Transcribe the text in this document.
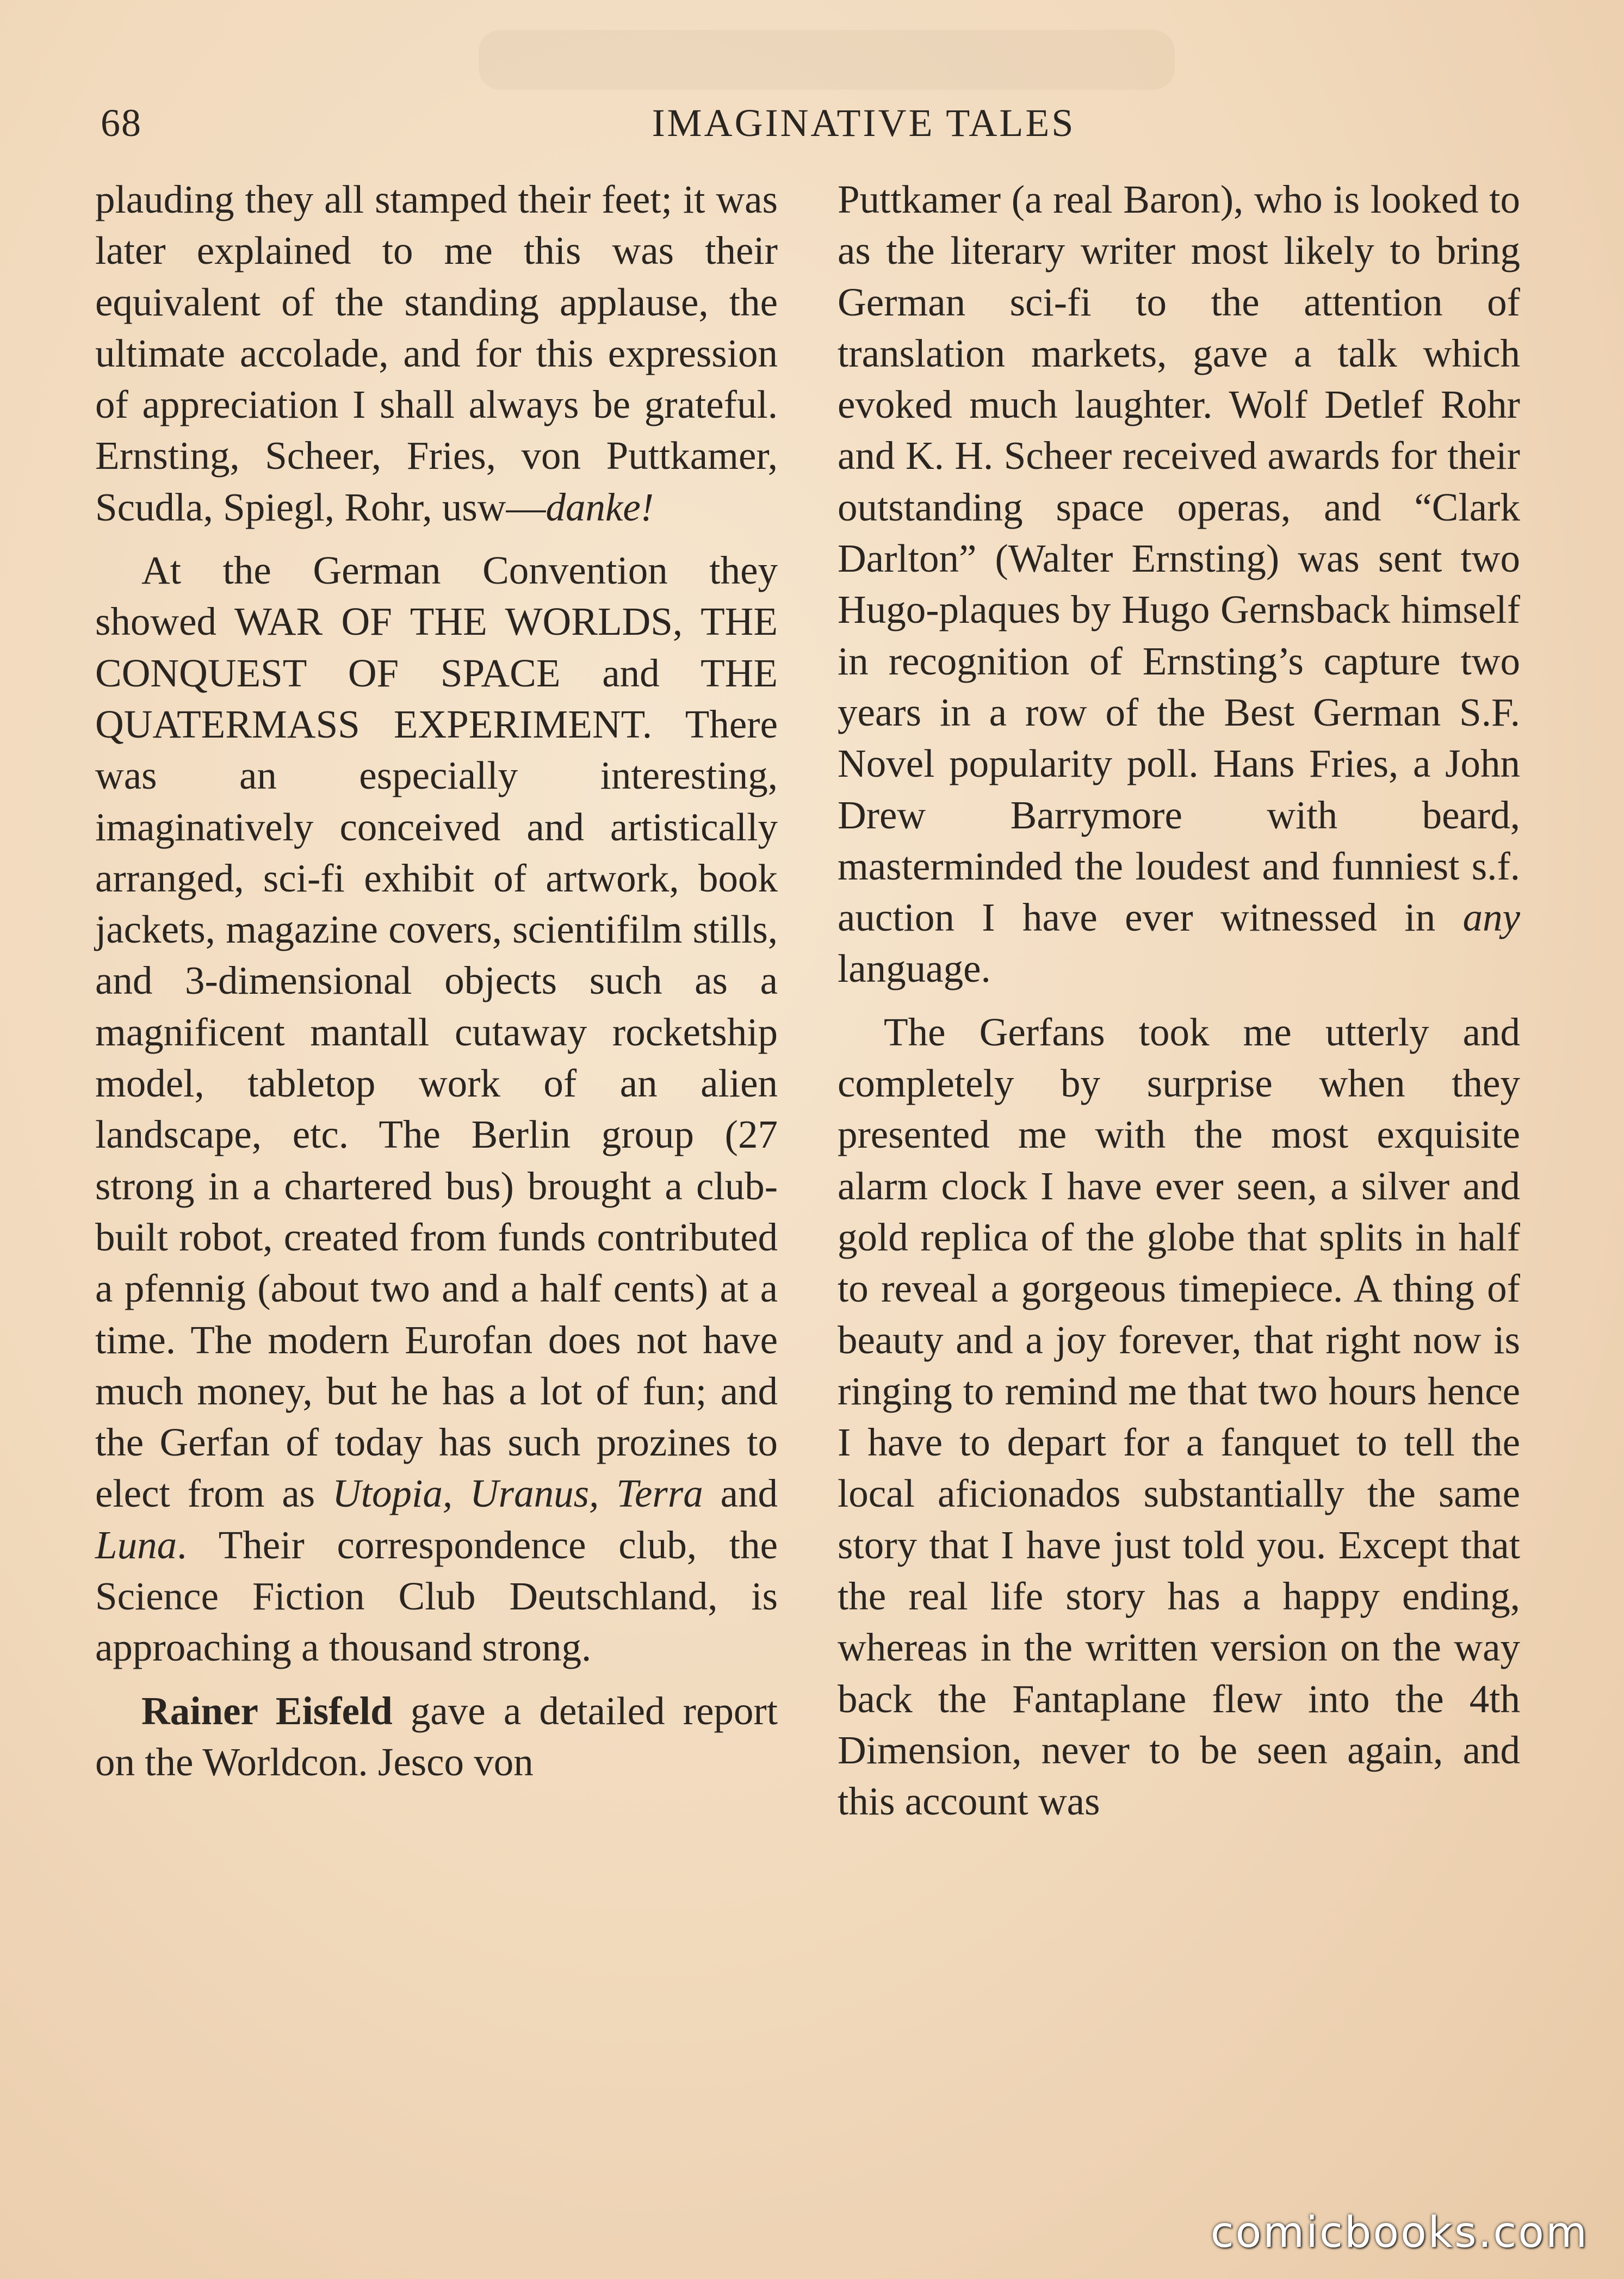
68	IMAGINATIVE TALES

plauding they all stamped their feet; it was later explained to me this was their equivalent of the standing applause, the ultimate accolade, and for this expression of appreciation I shall always be grateful. Ernsting, Scheer, Fries, von Puttkamer, Scudla, Spiegl, Rohr, usw—danke!

At the German Convention they showed WAR OF THE WORLDS, THE CONQUEST OF SPACE and THE QUATERMASS EXPERIMENT. There was an especially interesting, imaginatively conceived and artistically arranged, sci-fi exhibit of artwork, book jackets, magazine covers, scientifilm stills, and 3-dimensional objects such as a magnificent mantall cutaway rocketship model, tabletop work of an alien landscape, etc. The Berlin group (27 strong in a chartered bus) brought a club-built robot, created from funds contributed a pfennig (about two and a half cents) at a time. The modern Eurofan does not have much money, but he has a lot of fun; and the Gerfan of today has such prozines to elect from as Utopia, Uranus, Terra and Luna. Their correspondence club, the Science Fiction Club Deutschland, is approaching a thousand strong.

Rainer Eisfeld gave a detailed report on the Worldcon. Jesco von

Puttkamer (a real Baron), who is looked to as the literary writer most likely to bring German sci-fi to the attention of translation markets, gave a talk which evoked much laughter. Wolf Detlef Rohr and K. H. Scheer received awards for their outstanding space operas, and “Clark Darlton” (Walter Ernsting) was sent two Hugo-plaques by Hugo Gernsback himself in recognition of Ernsting’s capture two years in a row of the Best German S.F. Novel popularity poll. Hans Fries, a John Drew Barrymore with beard, masterminded the loudest and funniest s.f. auction I have ever witnessed in any language.

The Gerfans took me utterly and completely by surprise when they presented me with the most exquisite alarm clock I have ever seen, a silver and gold replica of the globe that splits in half to reveal a gorgeous timepiece. A thing of beauty and a joy forever, that right now is ringing to remind me that two hours hence I have to depart for a fanquet to tell the local aficionados substantially the same story that I have just told you. Except that the real life story has a happy ending, whereas in the written version on the way back the Fantaplane flew into the 4th Dimension, never to be seen again, and this account was

comicbooks.com
